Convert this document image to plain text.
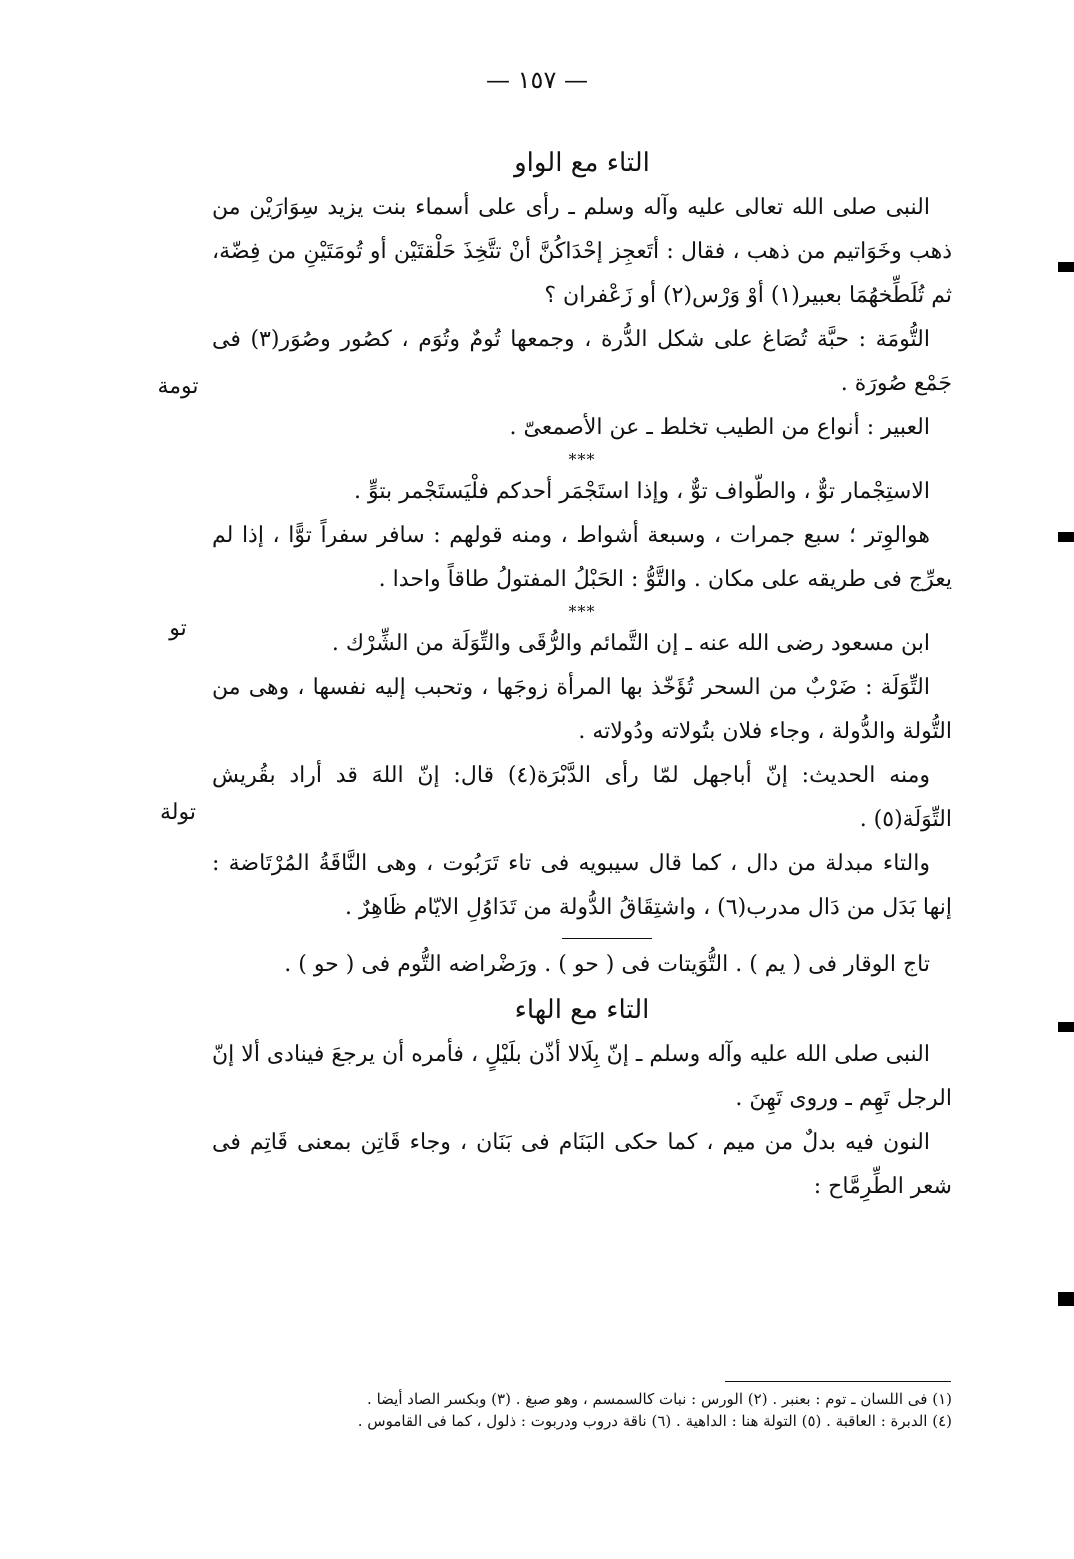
— ١٥٧ —

التاء مع الواو

النبى صلى الله تعالى عليه وآله وسلم ـ رأى على أسماء بنت يزيد سِوَارَيْن من ذهب وخَوَاتيم من ذهب ، فقال : أتَعجِز إحْدَاكُنَّ أنْ تتَّخِذَ حَلْقتَيْن أو تُومَتَيْنِ من فِضّة، ثم تُلَطِّخهُمَا بعبير(١) أوْ وَرْس(٢) أو زَعْفران ؟

التُّومَة : حبَّة تُصَاغ على شكل الدُّرة ، وجمعها تُومٌ وتُوَم ، كصُور وصُوَر(٣) فى جَمْع صُورَة .

العبير : أنواع من الطيب تخلط ـ عن الأصمعىّ .

***

الاستِجْمار توٌّ ، والطّواف توٌّ ، وإذا استَجْمَر أحدكم فلْيَستَجْمر بتوٍّ .

هوالوِتر ؛ سبع جمرات ، وسبعة أشواط ، ومنه قولهم : سافر سفراً توًّا ، إذا لم يعرِّج فى طريقه على مكان . والتَّوُّ : الحَبْلُ المفتولُ طاقاً واحدا .

***

ابن مسعود رضى الله عنه ـ إن التَّمائم والرُّقَى والتِّوَلَة من الشِّرْك .

التِّوَلَة : ضَرْبٌ من السحر تُؤَخّذ بها المرأة زوجَها ، وتحبب إليه نفسها ، وهى من التُّولة والدُّولة ، وجاء فلان بتُولاته ودُولاته .

ومنه الحديث: إنّ أباجهل لمّا رأى الدَّبْرَة(٤) قال: إنّ اللهَ قد أراد بقُريش التِّوَلَة(٥) .

والتاء مبدلة من دال ، كما قال سيبويه فى تاء تَرَبُوت ، وهى النَّاقَةُ المُرْتَاضة : إنها بَدَل من دَال مدرب(٦) ، واشتِقَاقُ الدُّولة من تَدَاوُلِ الايّام ظَاهِرٌ .

تاج الوقار فى ( يم ) . التُّوَيتات فى ( حو ) . ورَضْراضه التُّوم فى ( حو ) .

التاء مع الهاء

النبى صلى الله عليه وآله وسلم ـ إنّ بِلَالا أذّن بلَيْلٍ ، فأمره أن يرجعَ فينادى ألا إنّ الرجل تَهِم ـ وروى تَهِنَ .

النون فيه بدلٌ من ميم ، كما حكى البَنَام فى بَنَان ، وجاء قَاتِن بمعنى قَاتِم فى شعر الطِّرِمَّاح :

تومة
تو
تولة

(١) فى اللسان ـ توم : بعنبر . (٢) الورس : نبات كالسمسم ، وهو صبغ . (٣) وبكسر الصاد أيضا .

(٤) الدبرة : العاقبة . (٥) التولة هنا : الداهية . (٦) ناقة دروب ودربوت : ذلول ، كما فى القاموس .
